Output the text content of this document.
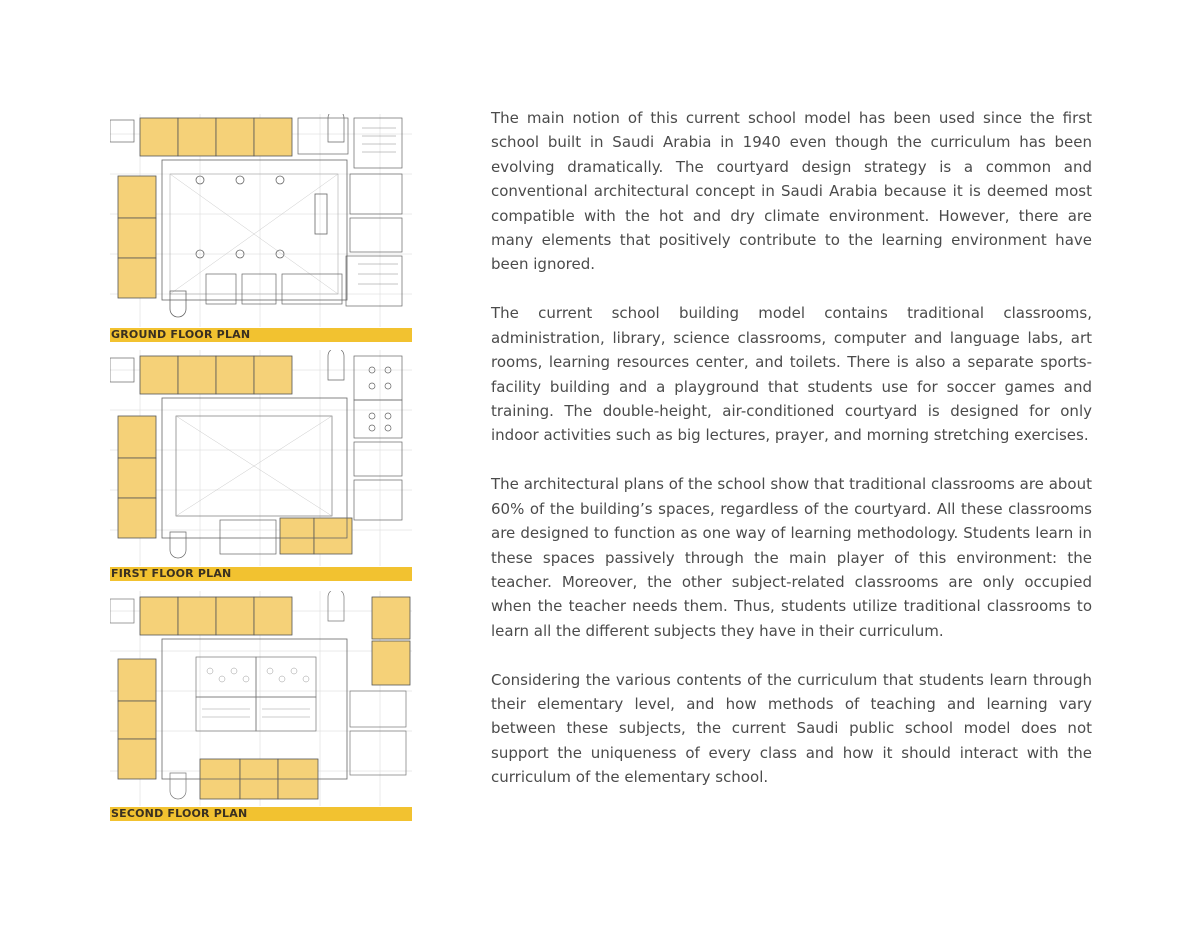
GROUND FLOOR PLAN
FIRST FLOOR PLAN
SECOND FLOOR PLAN

The main notion of this current school model has been used since the first school built in Saudi Arabia in 1940 even though the curriculum has been evolving dramatically. The courtyard design strategy is a common and conventional architectural concept in Saudi Arabia because it is deemed most compatible with the hot and dry climate environment. However, there are many elements that positively contribute to the learning environment have been ignored.

The current school building model contains traditional classrooms, administration, library, science classrooms, computer and language labs, art rooms, learning resources center, and toilets. There is also a separate sports-facility building and a playground that students use for soccer games and training. The double-height, air-conditioned courtyard is designed for only indoor activities such as big lectures, prayer, and morning stretching exercises.

The architectural plans of the school show that traditional classrooms are about 60% of the building’s spaces, regardless of the courtyard. All these classrooms are designed to function as one way of learning methodology. Students learn in these spaces passively through the main player of this environment: the teacher. Moreover, the other subject-related classrooms are only occupied when the teacher needs them. Thus, students utilize traditional classrooms to learn all the different subjects they have in their curriculum.

Considering the various contents of the curriculum that students learn through their elementary level, and how methods of teaching and learning vary between these subjects, the current Saudi public school model does not support the uniqueness of every class and how it should interact with the curriculum of the elementary school.
